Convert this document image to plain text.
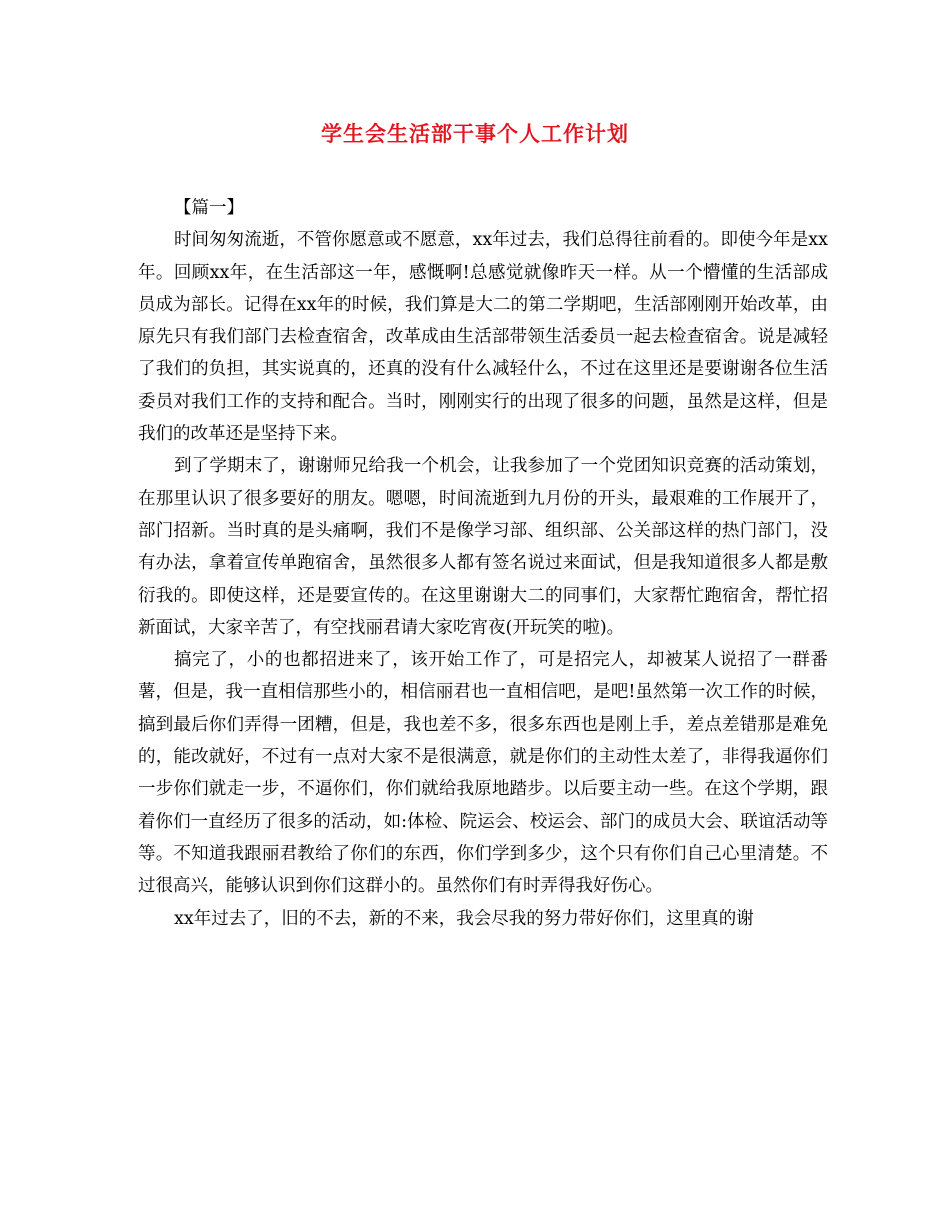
学生会生活部干事个人工作计划

【篇一】

时间匆匆流逝，不管你愿意或不愿意，xx年过去，我们总得往前看的。即使今年是xx年。回顾xx年，在生活部这一年，感慨啊!总感觉就像昨天一样。从一个懵懂的生活部成员成为部长。记得在xx年的时候，我们算是大二的第二学期吧，生活部刚刚开始改革，由原先只有我们部门去检查宿舍，改革成由生活部带领生活委员一起去检查宿舍。说是减轻了我们的负担，其实说真的，还真的没有什么减轻什么，不过在这里还是要谢谢各位生活委员对我们工作的支持和配合。当时，刚刚实行的出现了很多的问题，虽然是这样，但是我们的改革还是坚持下来。

到了学期末了，谢谢师兄给我一个机会，让我参加了一个党团知识竞赛的活动策划，在那里认识了很多要好的朋友。嗯嗯，时间流逝到九月份的开头，最艰难的工作展开了，部门招新。当时真的是头痛啊，我们不是像学习部、组织部、公关部这样的热门部门，没有办法，拿着宣传单跑宿舍，虽然很多人都有签名说过来面试，但是我知道很多人都是敷衍我的。即使这样，还是要宣传的。在这里谢谢大二的同事们，大家帮忙跑宿舍，帮忙招新面试，大家辛苦了，有空找丽君请大家吃宵夜(开玩笑的啦)。

搞完了，小的也都招进来了，该开始工作了，可是招完人，却被某人说招了一群番薯，但是，我一直相信那些小的，相信丽君也一直相信吧，是吧!虽然第一次工作的时候，搞到最后你们弄得一团糟，但是，我也差不多，很多东西也是刚上手，差点差错那是难免的，能改就好，不过有一点对大家不是很满意，就是你们的主动性太差了，非得我逼你们一步你们就走一步，不逼你们，你们就给我原地踏步。以后要主动一些。在这个学期，跟着你们一直经历了很多的活动，如:体检、院运会、校运会、部门的成员大会、联谊活动等等。不知道我跟丽君教给了你们的东西，你们学到多少，这个只有你们自己心里清楚。不过很高兴，能够认识到你们这群小的。虽然你们有时弄得我好伤心。

xx年过去了，旧的不去，新的不来，我会尽我的努力带好你们，这里真的谢
